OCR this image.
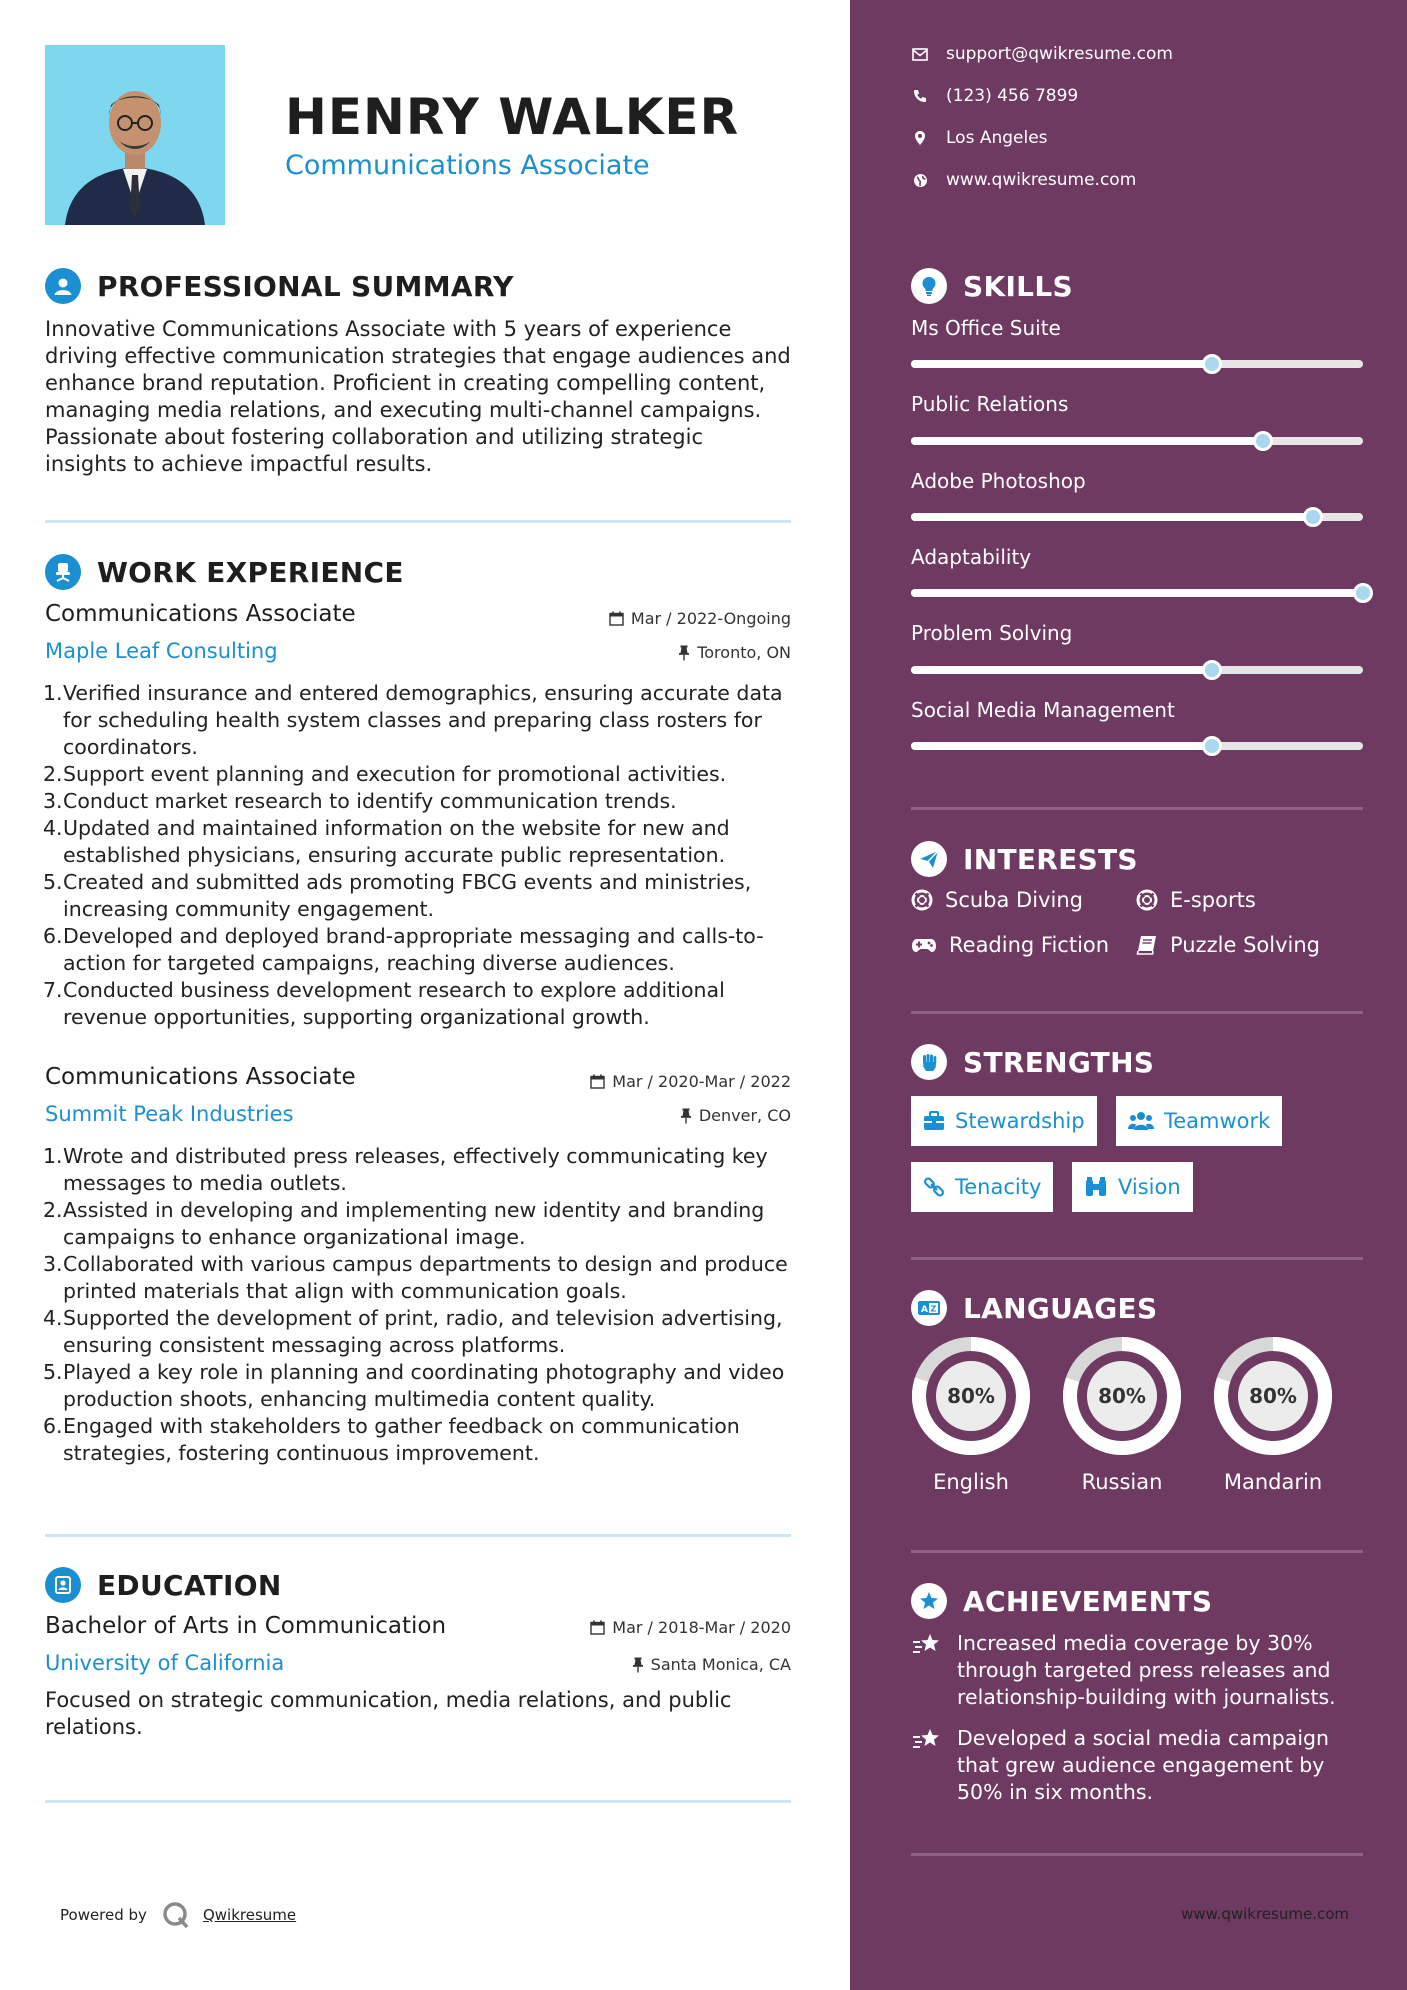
HENRY WALKER
Communications Associate
PROFESSIONAL SUMMARY
Innovative Communications Associate with 5 years of experience driving effective communication strategies that engage audiences and enhance brand reputation. Proficient in creating compelling content, managing media relations, and executing multi-channel campaigns. Passionate about fostering collaboration and utilizing strategic insights to achieve impactful results.
WORK EXPERIENCE
Communications Associate	Mar / 2022-Ongoing
Maple Leaf Consulting	Toronto, ON
1. Verified insurance and entered demographics, ensuring accurate data for scheduling health system classes and preparing class rosters for coordinators.
2. Support event planning and execution for promotional activities.
3. Conduct market research to identify communication trends.
4. Updated and maintained information on the website for new and established physicians, ensuring accurate public representation.
5. Created and submitted ads promoting FBCG events and ministries, increasing community engagement.
6. Developed and deployed brand-appropriate messaging and calls-to-action for targeted campaigns, reaching diverse audiences.
7. Conducted business development research to explore additional revenue opportunities, supporting organizational growth.
Communications Associate	Mar / 2020-Mar / 2022
Summit Peak Industries	Denver, CO
1. Wrote and distributed press releases, effectively communicating key messages to media outlets.
2. Assisted in developing and implementing new identity and branding campaigns to enhance organizational image.
3. Collaborated with various campus departments to design and produce printed materials that align with communication goals.
4. Supported the development of print, radio, and television advertising, ensuring consistent messaging across platforms.
5. Played a key role in planning and coordinating photography and video production shoots, enhancing multimedia content quality.
6. Engaged with stakeholders to gather feedback on communication strategies, fostering continuous improvement.
EDUCATION
Bachelor of Arts in Communication	Mar / 2018-Mar / 2020
University of California	Santa Monica, CA
Focused on strategic communication, media relations, and public relations.
Powered by	Qwikresume
support@qwikresume.com
(123) 456 7899
Los Angeles
www.qwikresume.com
SKILLS
Ms Office Suite
Public Relations
Adobe Photoshop
Adaptability
Problem Solving
Social Media Management
INTERESTS
Scuba Diving	E-sports
Reading Fiction	Puzzle Solving
STRENGTHS
Stewardship	Teamwork
Tenacity	Vision
A Z LANGUAGES
80%
English
80%
Russian
80%
Mandarin
ACHIEVEMENTS
Increased media coverage by 30% through targeted press releases and relationship-building with journalists.
Developed a social media campaign that grew audience engagement by 50% in six months.
www.qwikresume.com
